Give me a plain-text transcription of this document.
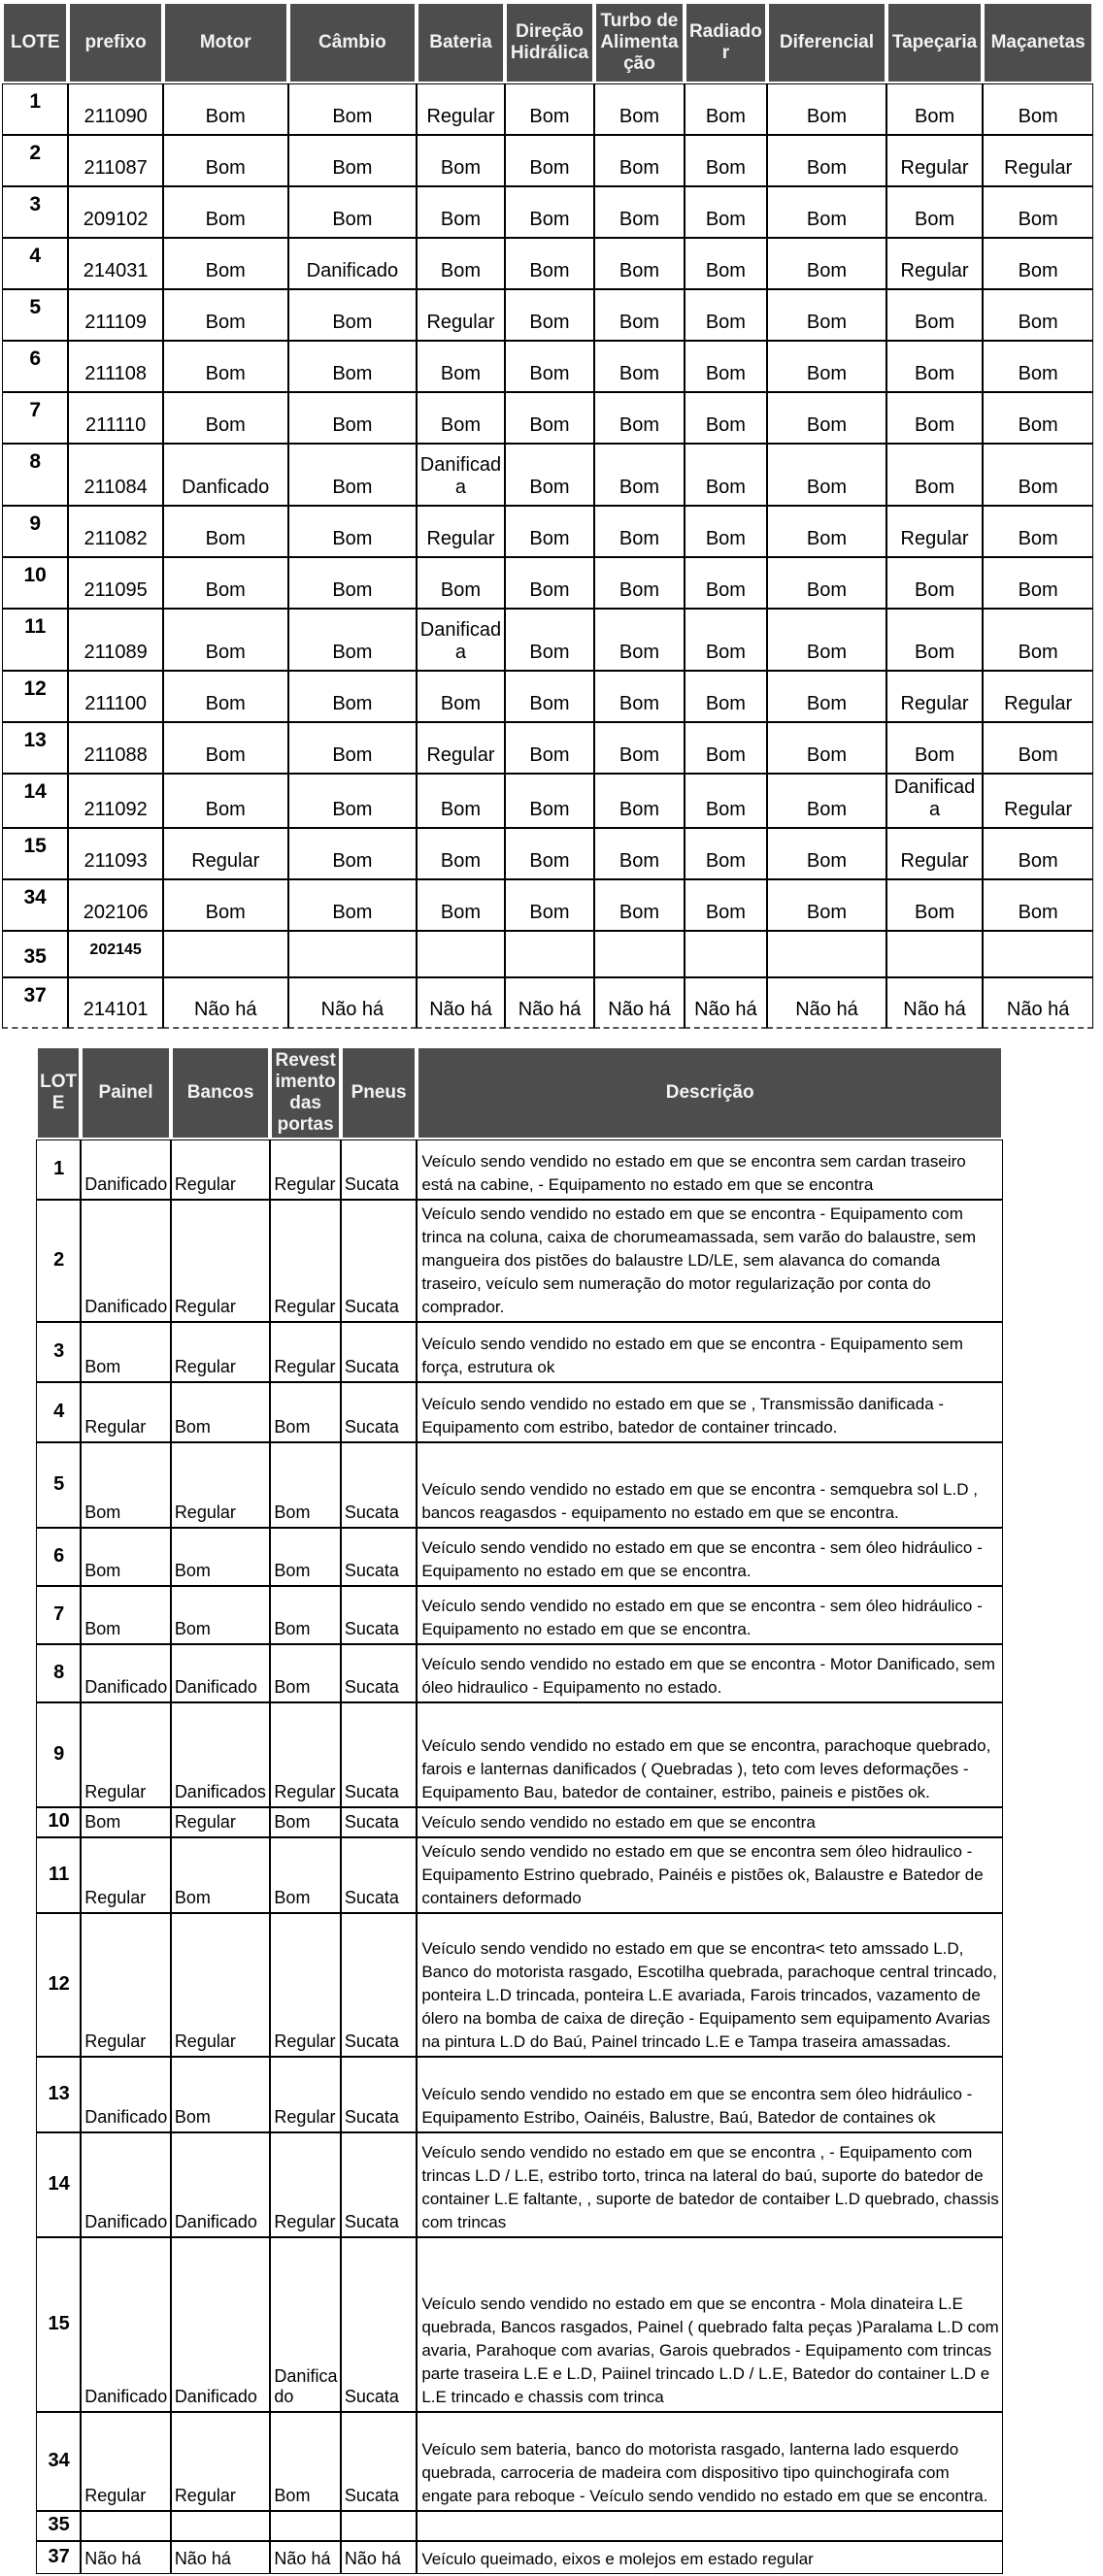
LOTE	prefixo	Motor	Câmbio	Bateria	Direção Hidrálica	Turbo de Alimentação	Radiador	Diferencial	Tapeçaria	Maçanetas
1	211090	Bom	Bom	Regular	Bom	Bom	Bom	Bom	Bom	Bom
2	211087	Bom	Bom	Bom	Bom	Bom	Bom	Bom	Regular	Regular
3	209102	Bom	Bom	Bom	Bom	Bom	Bom	Bom	Bom	Bom
4	214031	Bom	Danificado	Bom	Bom	Bom	Bom	Bom	Regular	Bom
5	211109	Bom	Bom	Regular	Bom	Bom	Bom	Bom	Bom	Bom
6	211108	Bom	Bom	Bom	Bom	Bom	Bom	Bom	Bom	Bom
7	211110	Bom	Bom	Bom	Bom	Bom	Bom	Bom	Bom	Bom
8	211084	Danficado	Bom	Danificada	Bom	Bom	Bom	Bom	Bom	Bom
9	211082	Bom	Bom	Regular	Bom	Bom	Bom	Bom	Regular	Bom
10	211095	Bom	Bom	Bom	Bom	Bom	Bom	Bom	Bom	Bom
11	211089	Bom	Bom	Danificada	Bom	Bom	Bom	Bom	Bom	Bom
12	211100	Bom	Bom	Bom	Bom	Bom	Bom	Bom	Regular	Regular
13	211088	Bom	Bom	Regular	Bom	Bom	Bom	Bom	Bom	Bom
14	211092	Bom	Bom	Bom	Bom	Bom	Bom	Bom	Danificada	Regular
15	211093	Regular	Bom	Bom	Bom	Bom	Bom	Bom	Regular	Bom
34	202106	Bom	Bom	Bom	Bom	Bom	Bom	Bom	Bom	Bom
35	202145									
37	214101	Não há	Não há	Não há	Não há	Não há	Não há	Não há	Não há	Não há
LOTE	Painel	Bancos	Revestimento das portas	Pneus	Descrição
1	Danificado	Regular	Regular	Sucata	Veículo sendo vendido no estado em que se encontra sem cardan traseiro está na cabine, - Equipamento no estado em que se encontra
2	Danificado	Regular	Regular	Sucata	Veículo sendo vendido no estado em que se encontra - Equipamento com trinca na coluna, caixa de chorumeamassada, sem varão do balaustre, sem mangueira dos pistões do balaustre LD/LE, sem alavanca do comanda traseiro, veículo sem numeração do motor regularização por conta do comprador.
3	Bom	Regular	Regular	Sucata	Veículo sendo vendido no estado em que se encontra - Equipamento sem força, estrutura ok
4	Regular	Bom	Bom	Sucata	Veículo sendo vendido no estado em que se , Transmissão danificada - Equipamento com estribo, batedor de container trincado.
5	Bom	Regular	Bom	Sucata	Veículo sendo vendido no estado em que se encontra - semquebra sol L.D , bancos reagasdos - equipamento no estado em que se encontra.
6	Bom	Bom	Bom	Sucata	Veículo sendo vendido no estado em que se encontra - sem óleo hidráulico - Equipamento no estado em que se encontra.
7	Bom	Bom	Bom	Sucata	Veículo sendo vendido no estado em que se encontra - sem óleo hidráulico - Equipamento no estado em que se encontra.
8	Danificado	Danificado	Bom	Sucata	Veículo sendo vendido no estado em que se encontra - Motor Danificado, sem óleo hidraulico - Equipamento no estado.
9	Regular	Danificados	Regular	Sucata	Veículo sendo vendido no estado em que se encontra, parachoque quebrado, farois e lanternas danificados ( Quebradas ), teto com leves deformações - Equipamento Bau, batedor de container, estribo, paineis e pistões ok.
10	Bom	Regular	Bom	Sucata	Veículo sendo vendido no estado em que se encontra
11	Regular	Bom	Bom	Sucata	Veículo sendo vendido no estado em que se encontra sem óleo hidraulico - Equipamento Estrino quebrado, Painéis e pistões ok, Balaustre e Batedor de containers deformado
12	Regular	Regular	Regular	Sucata	Veículo sendo vendido no estado em que se encontra< teto amssado L.D, Banco do motorista rasgado, Escotilha quebrada, parachoque central trincado, ponteira L.D trincada, ponteira L.E avariada, Farois trincados, vazamento de ólero na bomba de caixa de direção - Equipamento sem equipamento Avarias na pintura L.D do Baú, Painel trincado L.E e Tampa traseira amassadas.
13	Danificado	Bom	Regular	Sucata	Veículo sendo vendido no estado em que se encontra sem óleo hidráulico - Equipamento Estribo, Oainéis, Balustre, Baú, Batedor de containes ok
14	Danificado	Danificado	Regular	Sucata	Veículo sendo vendido no estado em que se encontra , - Equipamento com trincas L.D / L.E, estribo torto, trinca na lateral do baú, suporte do batedor de container L.E faltante, , suporte de batedor de contaiber L.D quebrado, chassis com trincas
15	Danificado	Danificado	Danificado	Sucata	Veículo sendo vendido no estado em que se encontra - Mola dinateira L.E quebrada, Bancos rasgados, Painel ( quebrado falta peças )Paralama L.D com avaria, Parahoque com avarias, Garois quebrados - Equipamento com trincas parte traseira L.E e L.D, Paiinel trincado L.D / L.E, Batedor do container L.D e L.E trincado e chassis com trinca
34	Regular	Regular	Bom	Sucata	Veículo sem bateria, banco do motorista rasgado, lanterna lado esquerdo quebrada, carroceria de madeira com dispositivo tipo quinchogirafa com engate para reboque - Veículo sendo vendido no estado em que se encontra.
35					
37	Não há	Não há	Não há	Não há	Veículo queimado, eixos e molejos em estado regular
